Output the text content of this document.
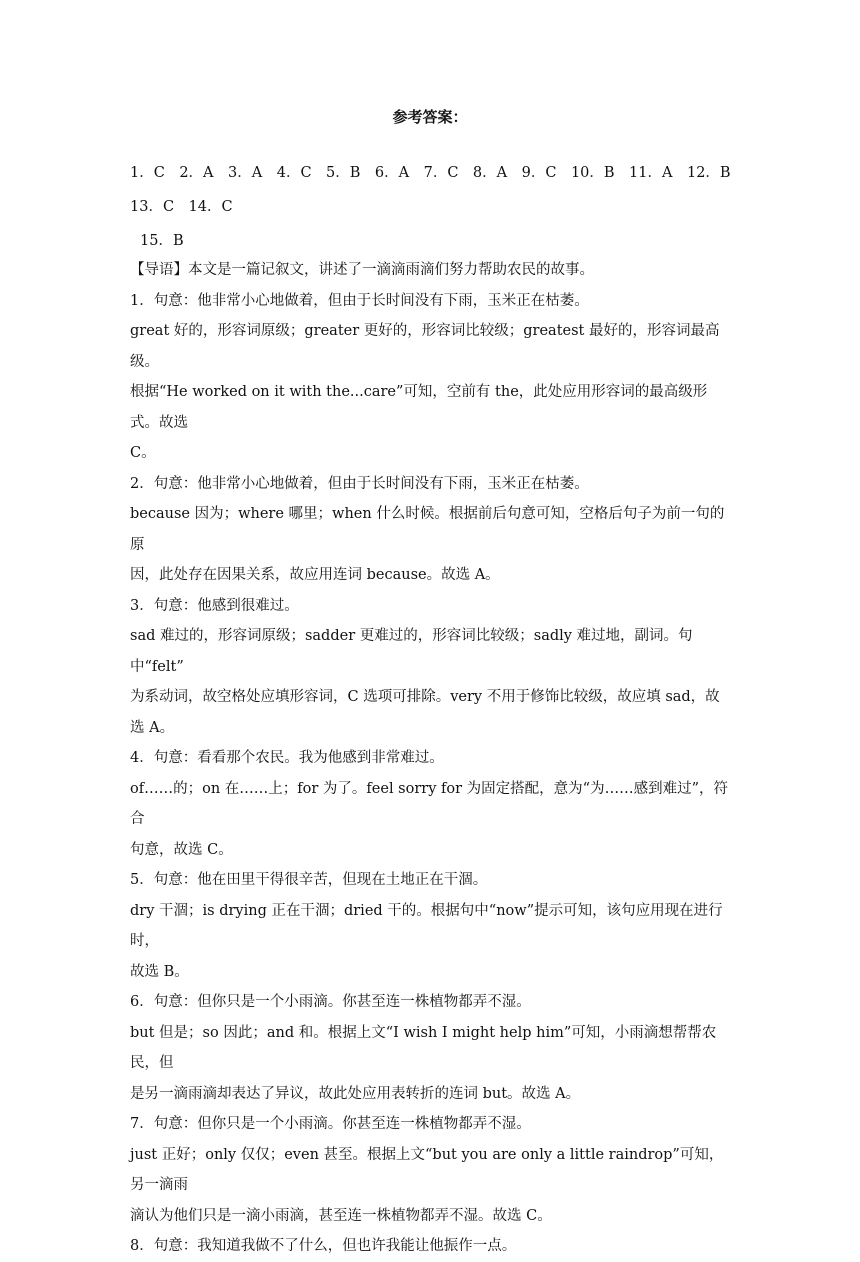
参考答案：
1．C　2．A　3．A　4．C　5．B　6．A　7．C　8．A　9．C　10．B　11．A　12．B　13．C　14．C
15．B

【导语】本文是一篇记叙文，讲述了一滴滴雨滴们努力帮助农民的故事。

1．句意：他非常小心地做着，但由于长时间没有下雨，玉米正在枯萎。

great 好的，形容词原级；greater 更好的，形容词比较级；greatest 最好的，形容词最高级。

根据“He worked on it with the...care”可知，空前有 the，此处应用形容词的最高级形式。故选

C。

2．句意：他非常小心地做着，但由于长时间没有下雨，玉米正在枯萎。

because 因为；where 哪里；when 什么时候。根据前后句意可知，空格后句子为前一句的原

因，此处存在因果关系，故应用连词 because。故选 A。

3．句意：他感到很难过。

sad 难过的，形容词原级；sadder 更难过的，形容词比较级；sadly 难过地，副词。句中“felt”

为系动词，故空格处应填形容词，C 选项可排除。very 不用于修饰比较级，故应填 sad，故

选 A。

4．句意：看看那个农民。我为他感到非常难过。

of……的；on 在……上；for 为了。feel sorry for 为固定搭配，意为“为……感到难过”，符合

句意，故选 C。

5．句意：他在田里干得很辛苦，但现在土地正在干涸。

dry 干涸；is drying 正在干涸；dried 干的。根据句中“now”提示可知，该句应用现在进行时，

故选 B。

6．句意：但你只是一个小雨滴。你甚至连一株植物都弄不湿。

but 但是；so 因此；and 和。根据上文“I wish I might help him”可知，小雨滴想帮帮农民，但

是另一滴雨滴却表达了异议，故此处应用表转折的连词 but。故选 A。

7．句意：但你只是一个小雨滴。你甚至连一株植物都弄不湿。

just 正好；only 仅仅；even 甚至。根据上文“but you are only a little raindrop”可知，另一滴雨

滴认为他们只是一滴小雨滴，甚至连一株植物都弄不湿。故选 C。

8．句意：我知道我做不了什么，但也许我能让他振作一点。
